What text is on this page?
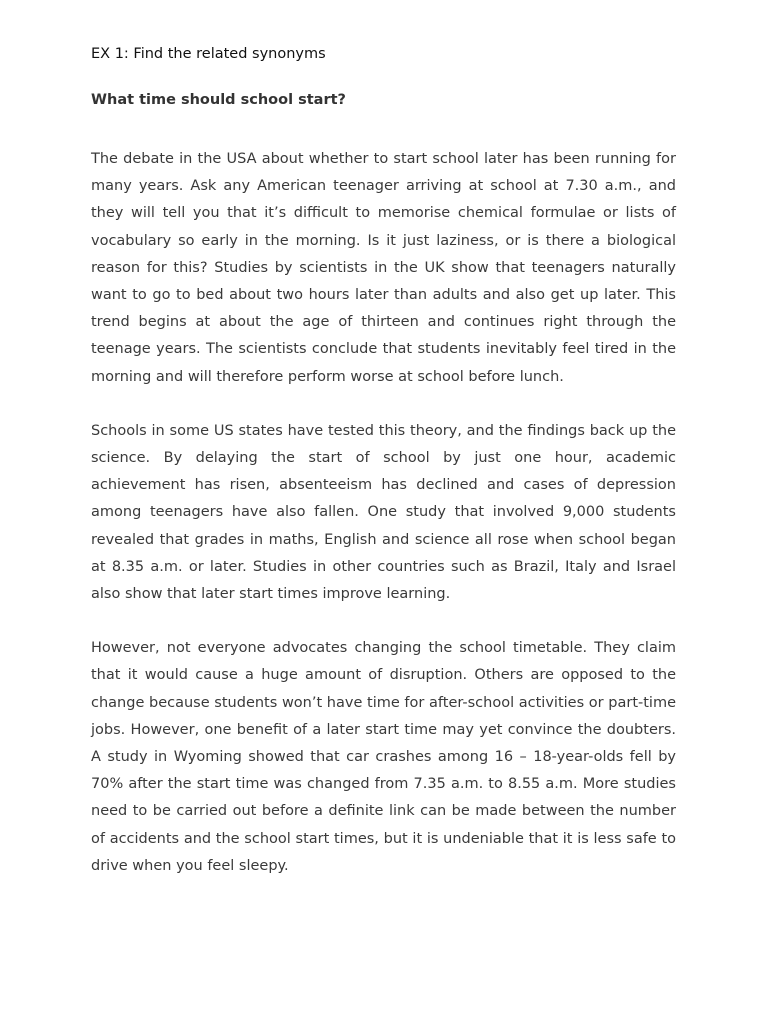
EX 1: Find the related synonyms
What time should school start?

The debate in the USA about whether to start school later has been running for many years. Ask any American teenager arriving at school at 7.30 a.m., and they will tell you that it’s difficult to memorise chemical formulae or lists of vocabulary so early in the morning. Is it just laziness, or is there a biological reason for this? Studies by scientists in the UK show that teenagers naturally want to go to bed about two hours later than adults and also get up later. This trend begins at about the age of thirteen and continues right through the teenage years. The scientists conclude that students inevitably feel tired in the morning and will therefore perform worse at school before lunch.

Schools in some US states have tested this theory, and the findings back up the science. By delaying the start of school by just one hour, academic achievement has risen, absenteeism has declined and cases of depression among teenagers have also fallen. One study that involved 9,000 students revealed that grades in maths, English and science all rose when school began at 8.35 a.m. or later. Studies in other countries such as Brazil, Italy and Israel also show that later start times improve learning.

However, not everyone advocates changing the school timetable. They claim that it would cause a huge amount of disruption. Others are opposed to the change because students won’t have time for after-school activities or part-time jobs. However, one benefit of a later start time may yet convince the doubters. A study in Wyoming showed that car crashes among 16 – 18-year-olds fell by 70% after the start time was changed from 7.35 a.m. to 8.55 a.m. More studies need to be carried out before a definite link can be made between the number of accidents and the school start times, but it is undeniable that it is less safe to drive when you feel sleepy.
